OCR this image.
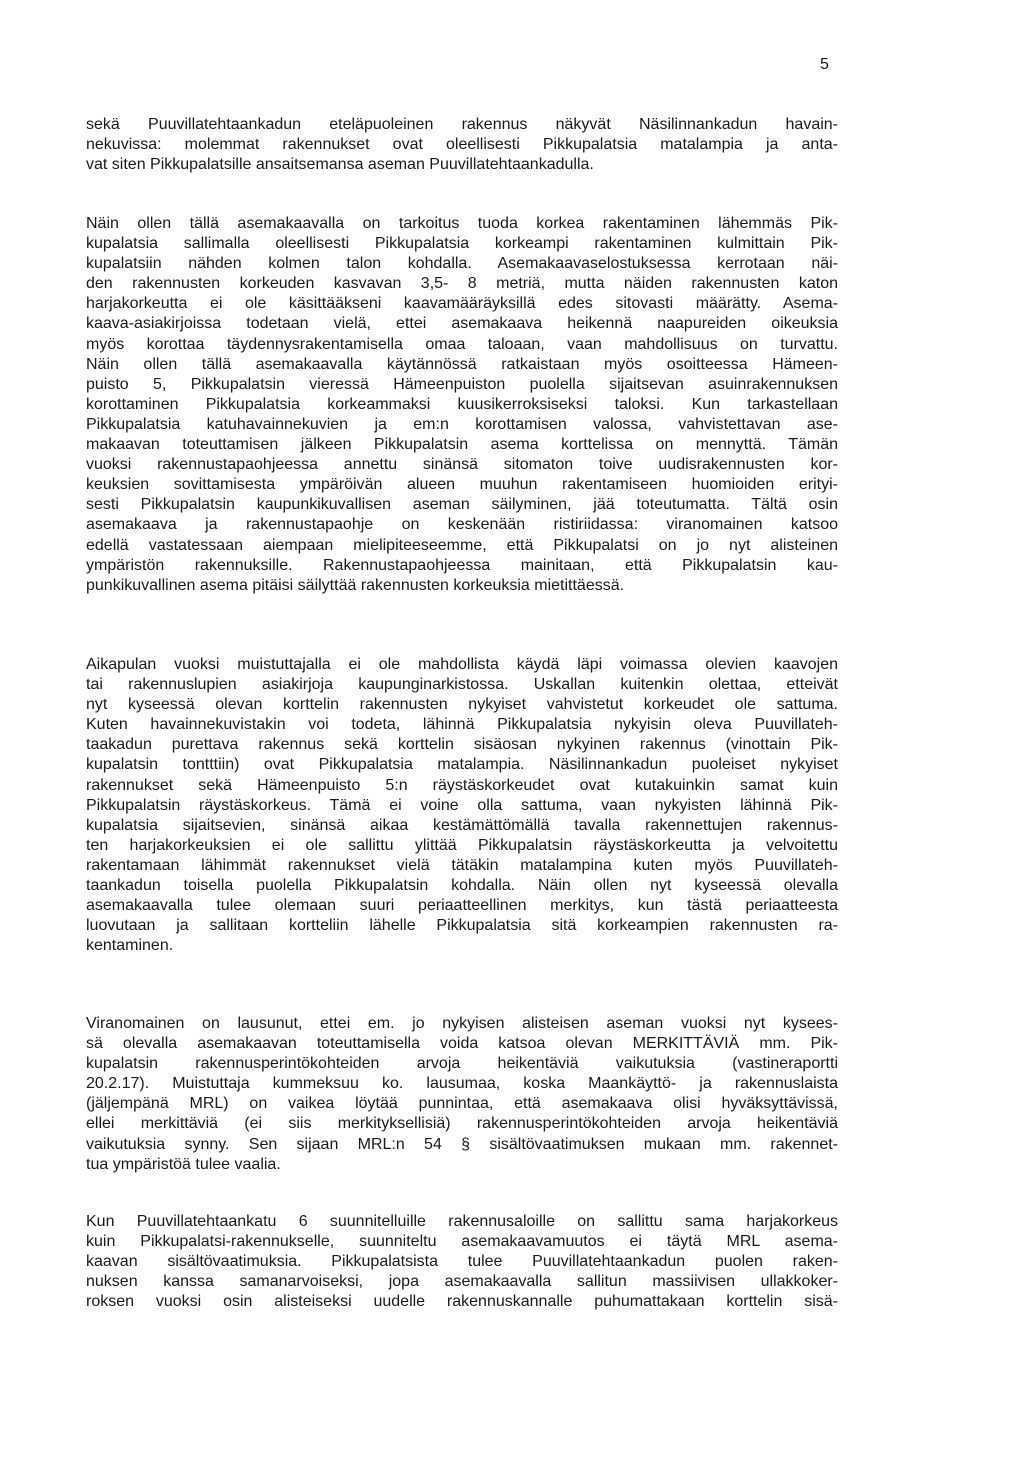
5
sekä Puuvillatehtaankadun eteläpuoleinen rakennus näkyvät Näsilinnankadun havain-
nekuvissa: molemmat rakennukset ovat oleellisesti Pikkupalatsia matalampia ja anta-
vat siten Pikkupalatsille ansaitsemansa aseman Puuvillatehtaankadulla.
Näin ollen tällä asemakaavalla on tarkoitus tuoda korkea rakentaminen lähemmäs Pik-
kupalatsia sallimalla oleellisesti Pikkupalatsia korkeampi rakentaminen kulmittain Pik-
kupalatsiin nähden kolmen talon kohdalla. Asemakaavaselostuksessa kerrotaan näi-
den rakennusten korkeuden kasvavan 3,5- 8 metriä, mutta näiden rakennusten katon
harjakorkeutta ei ole käsittääkseni kaavamääräyksillä edes sitovasti määrätty. Asema-
kaava-asiakirjoissa todetaan vielä, ettei asemakaava heikennä naapureiden oikeuksia
myös korottaa täydennysrakentamisella omaa taloaan, vaan mahdollisuus on turvattu.
Näin ollen tällä asemakaavalla käytännössä ratkaistaan myös osoitteessa Hämeen-
puisto 5, Pikkupalatsin vieressä Hämeenpuiston puolella sijaitsevan asuinrakennuksen
korottaminen Pikkupalatsia korkeammaksi kuusikerroksiseksi taloksi. Kun tarkastellaan
Pikkupalatsia katuhavainnekuvien ja em:n korottamisen valossa, vahvistettavan ase-
makaavan toteuttamisen jälkeen Pikkupalatsin asema korttelissa on mennyttä. Tämän
vuoksi rakennustapaohjeessa annettu sinänsä sitomaton toive uudisrakennusten kor-
keuksien sovittamisesta ympäröivän alueen muuhun rakentamiseen huomioiden erityi-
sesti Pikkupalatsin kaupunkikuvallisen aseman säilyminen, jää toteutumatta. Tältä osin
asemakaava ja rakennustapaohje on keskenään ristiriidassa: viranomainen katsoo
edellä vastatessaan aiempaan mielipiteeseemme, että Pikkupalatsi on jo nyt alisteinen
ympäristön rakennuksille. Rakennustapaohjeessa mainitaan, että Pikkupalatsin kau-
punkikuvallinen asema pitäisi säilyttää rakennusten korkeuksia mietittäessä.
Aikapulan vuoksi muistuttajalla ei ole mahdollista käydä läpi voimassa olevien kaavojen
tai rakennuslupien asiakirjoja kaupunginarkistossa. Uskallan kuitenkin olettaa, etteivät
nyt kyseessä olevan korttelin rakennusten nykyiset vahvistetut korkeudet ole sattuma.
Kuten havainnekuvistakin voi todeta, lähinnä Pikkupalatsia nykyisin oleva Puuvillateh-
taakadun purettava rakennus sekä korttelin sisäosan nykyinen rakennus (vinottain Pik-
kupalatsin tontttiin) ovat Pikkupalatsia matalampia. Näsilinnankadun puoleiset nykyiset
rakennukset sekä Hämeenpuisto 5:n räystäskorkeudet ovat kutakuinkin samat kuin
Pikkupalatsin räystäskorkeus. Tämä ei voine olla sattuma, vaan nykyisten lähinnä Pik-
kupalatsia sijaitsevien, sinänsä aikaa kestämättömällä tavalla rakennettujen rakennus-
ten harjakorkeuksien ei ole sallittu ylittää Pikkupalatsin räystäskorkeutta ja velvoitettu
rakentamaan lähimmät rakennukset vielä tätäkin matalampina kuten myös Puuvillateh-
taankadun toisella puolella Pikkupalatsin kohdalla. Näin ollen nyt kyseessä olevalla
asemakaavalla tulee olemaan suuri periaatteellinen merkitys, kun tästä periaatteesta
luovutaan ja sallitaan kortteliin lähelle Pikkupalatsia sitä korkeampien rakennusten ra-
kentaminen.
Viranomainen on lausunut, ettei em. jo nykyisen alisteisen aseman vuoksi nyt kysees-
sä olevalla asemakaavan toteuttamisella voida katsoa olevan MERKITTÄVIÄ mm. Pik-
kupalatsin rakennusperintökohteiden arvoja heikentäviä vaikutuksia (vastineraportti
20.2.17). Muistuttaja kummeksuu ko. lausumaa, koska Maankäyttö- ja rakennuslaista
(jäljempänä MRL) on vaikea löytää punnintaa, että asemakaava olisi hyväksyttävissä,
ellei merkittäviä (ei siis merkityksellisiä) rakennusperintökohteiden arvoja heikentäviä
vaikutuksia synny. Sen sijaan MRL:n 54 § sisältövaatimuksen mukaan mm. rakennet-
tua ympäristöä tulee vaalia.
Kun Puuvillatehtaankatu 6 suunnitelluille rakennusaloille on sallittu sama harjakorkeus
kuin Pikkupalatsi-rakennukselle, suunniteltu asemakaavamuutos ei täytä MRL asema-
kaavan sisältövaatimuksia. Pikkupalatsista tulee Puuvillatehtaankadun puolen raken-
nuksen kanssa samanarvoiseksi, jopa asemakaavalla sallitun massiivisen ullakkoker-
roksen vuoksi osin alisteiseksi uudelle rakennuskannalle puhumattakaan korttelin sisä-
